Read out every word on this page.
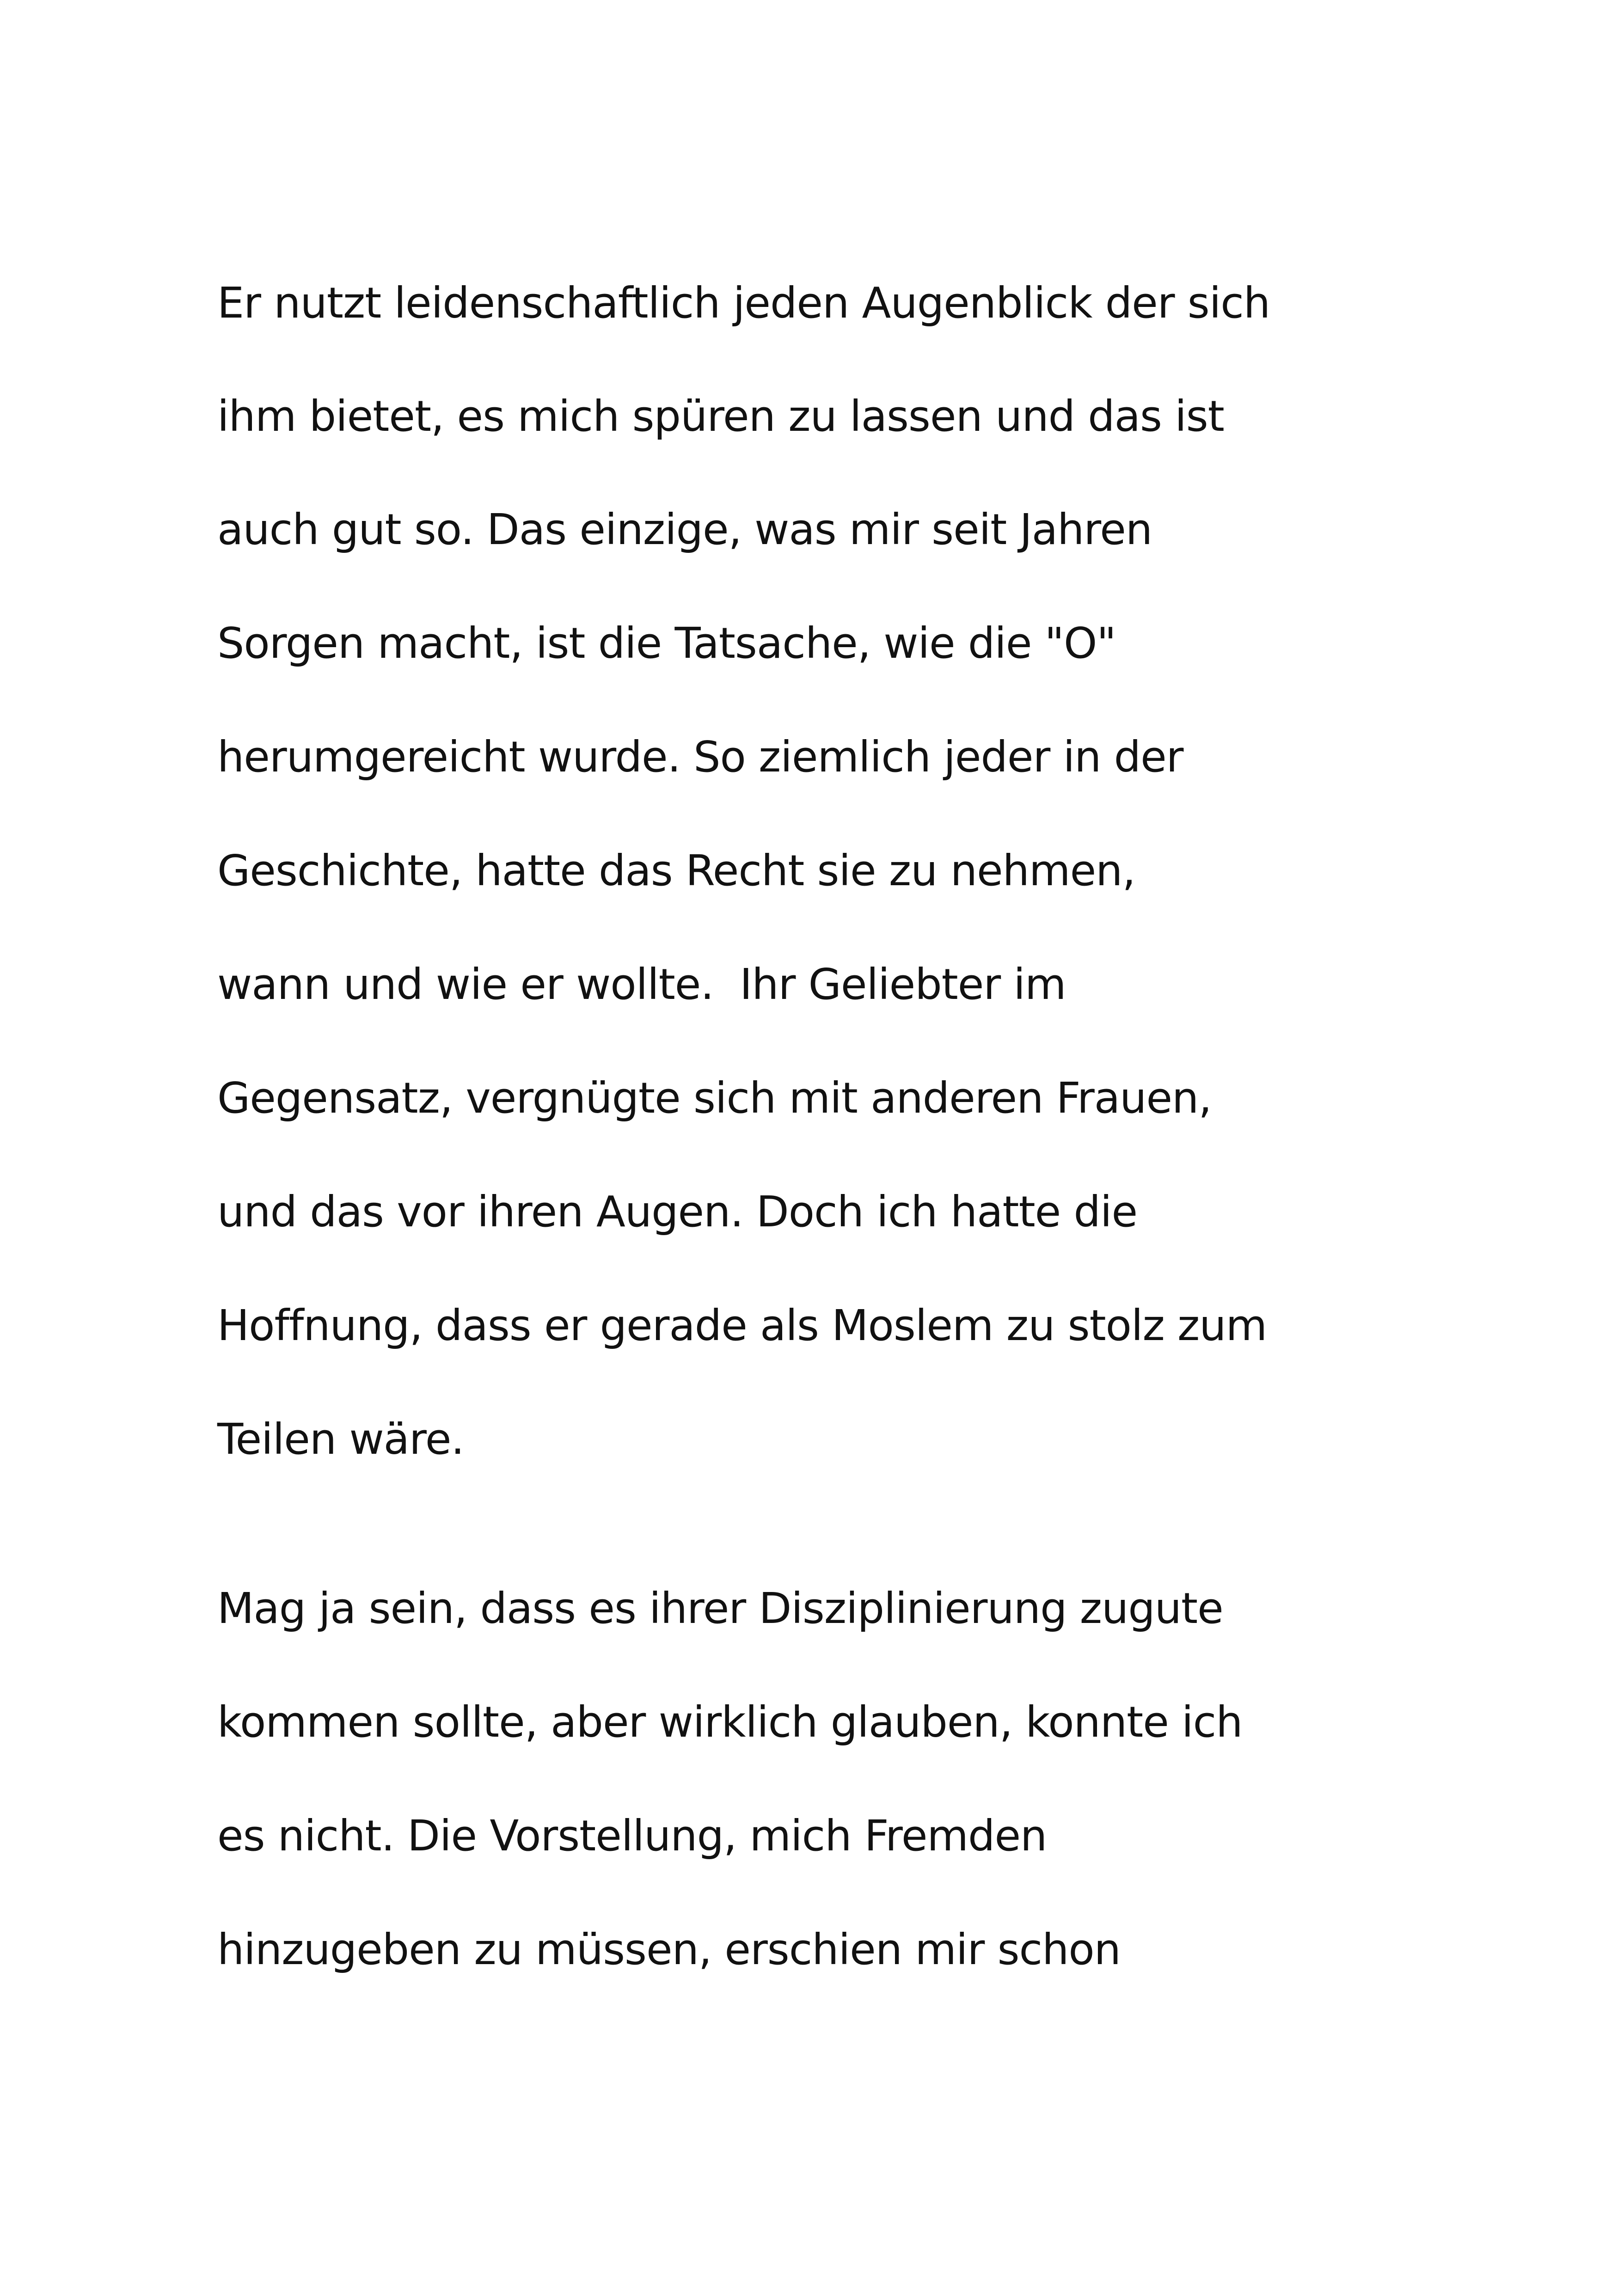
Er nutzt leidenschaftlich jeden Augenblick der sich
ihm bietet, es mich spüren zu lassen und das ist
auch gut so. Das einzige, was mir seit Jahren
Sorgen macht, ist die Tatsache, wie die "O"
herumgereicht wurde. So ziemlich jeder in der
Geschichte, hatte das Recht sie zu nehmen,
wann und wie er wollte.  Ihr Geliebter im
Gegensatz, vergnügte sich mit anderen Frauen,
und das vor ihren Augen. Doch ich hatte die
Hoffnung, dass er gerade als Moslem zu stolz zum
Teilen wäre.
Mag ja sein, dass es ihrer Disziplinierung zugute
kommen sollte, aber wirklich glauben, konnte ich
es nicht. Die Vorstellung, mich Fremden
hinzugeben zu müssen, erschien mir schon
